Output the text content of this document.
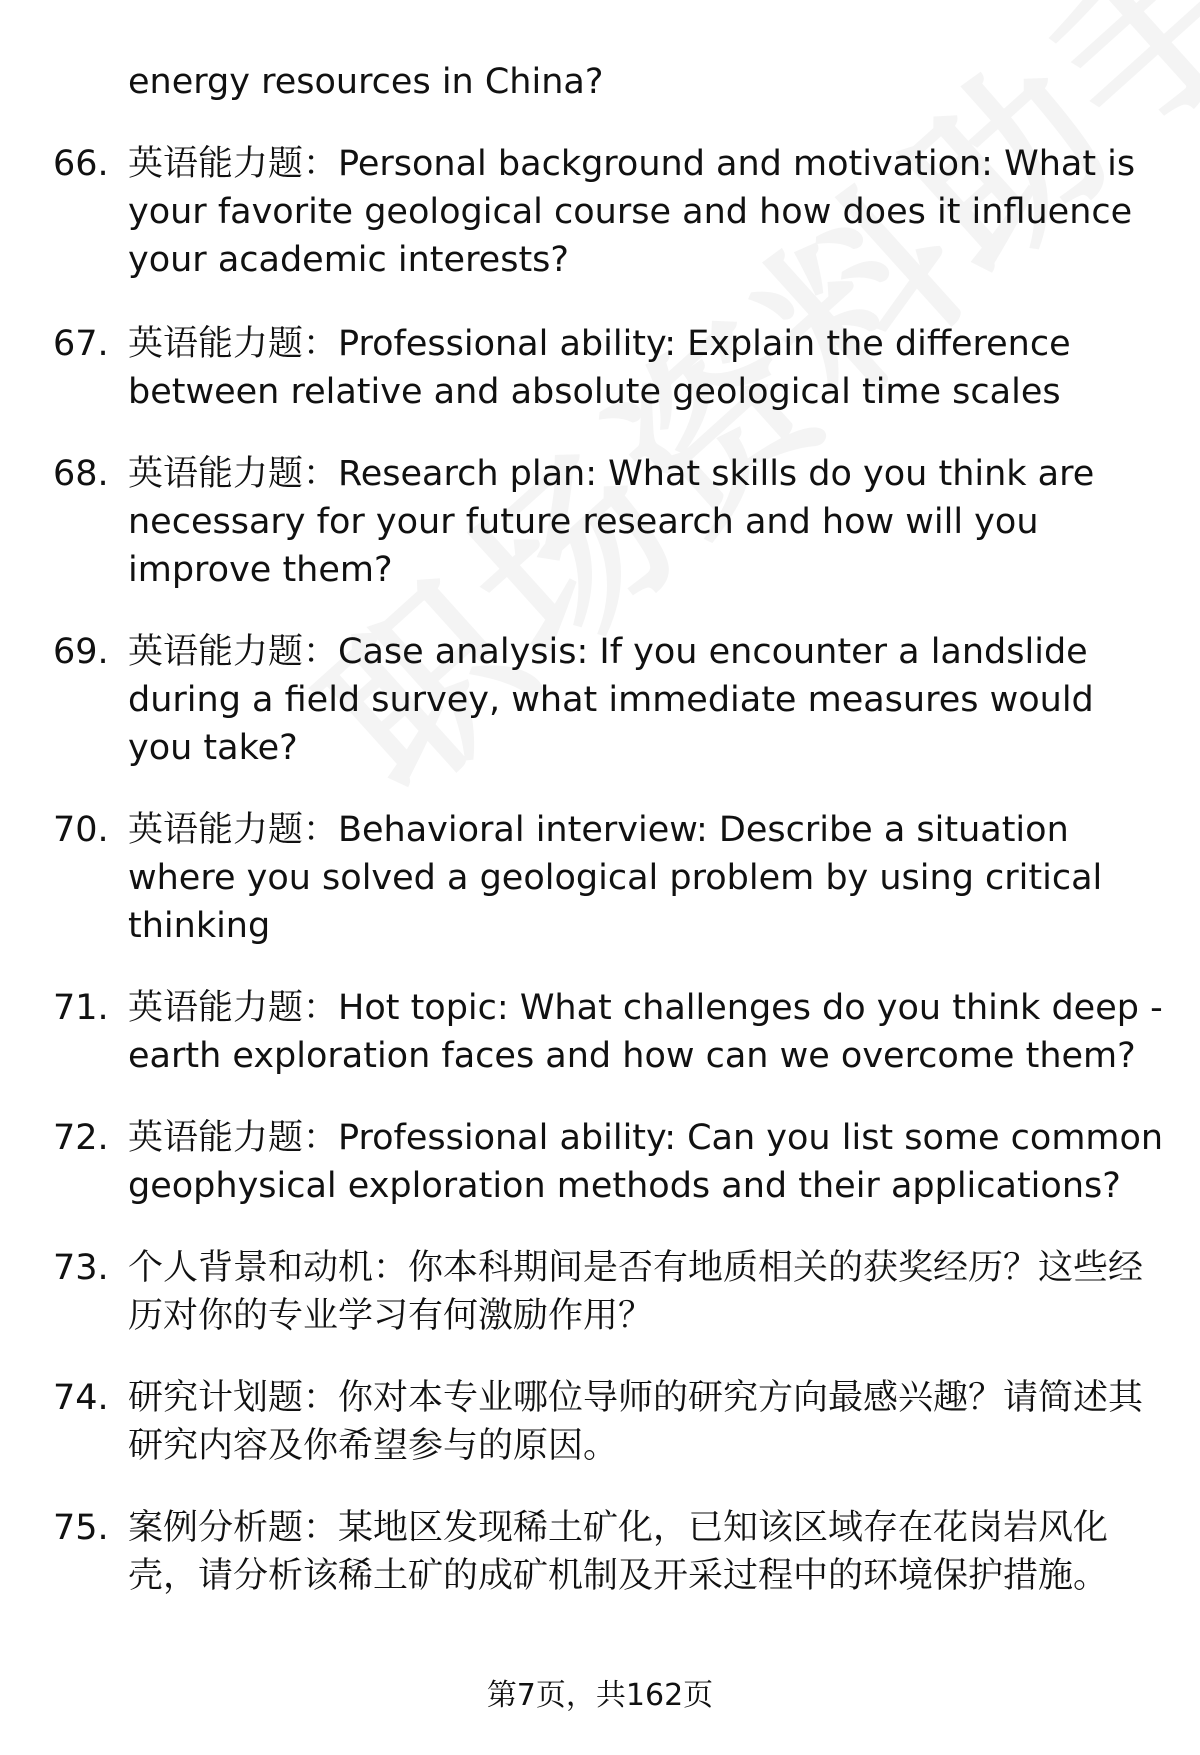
energy resources in China?
66. 英语能力题：Personal background and motivation: What is your favorite geological course and how does it influence your academic interests?
67. 英语能力题：Professional ability: Explain the difference between relative and absolute geological time scales
68. 英语能力题：Research plan: What skills do you think are necessary for your future research and how will you improve them?
69. 英语能力题：Case analysis: If you encounter a landslide during a field survey, what immediate measures would you take?
70. 英语能力题：Behavioral interview: Describe a situation where you solved a geological problem by using critical thinking
71. 英语能力题：Hot topic: What challenges do you think deep - earth exploration faces and how can we overcome them?
72. 英语能力题：Professional ability: Can you list some common geophysical exploration methods and their applications?
73. 个人背景和动机：你本科期间是否有地质相关的获奖经历？这些经历对你的专业学习有何激励作用？
74. 研究计划题：你对本专业哪位导师的研究方向最感兴趣？请简述其研究内容及你希望参与的原因。
75. 案例分析题：某地区发现稀土矿化，已知该区域存在花岗岩风化壳，请分析该稀土矿的成矿机制及开采过程中的环境保护措施。
第7页，共162页
